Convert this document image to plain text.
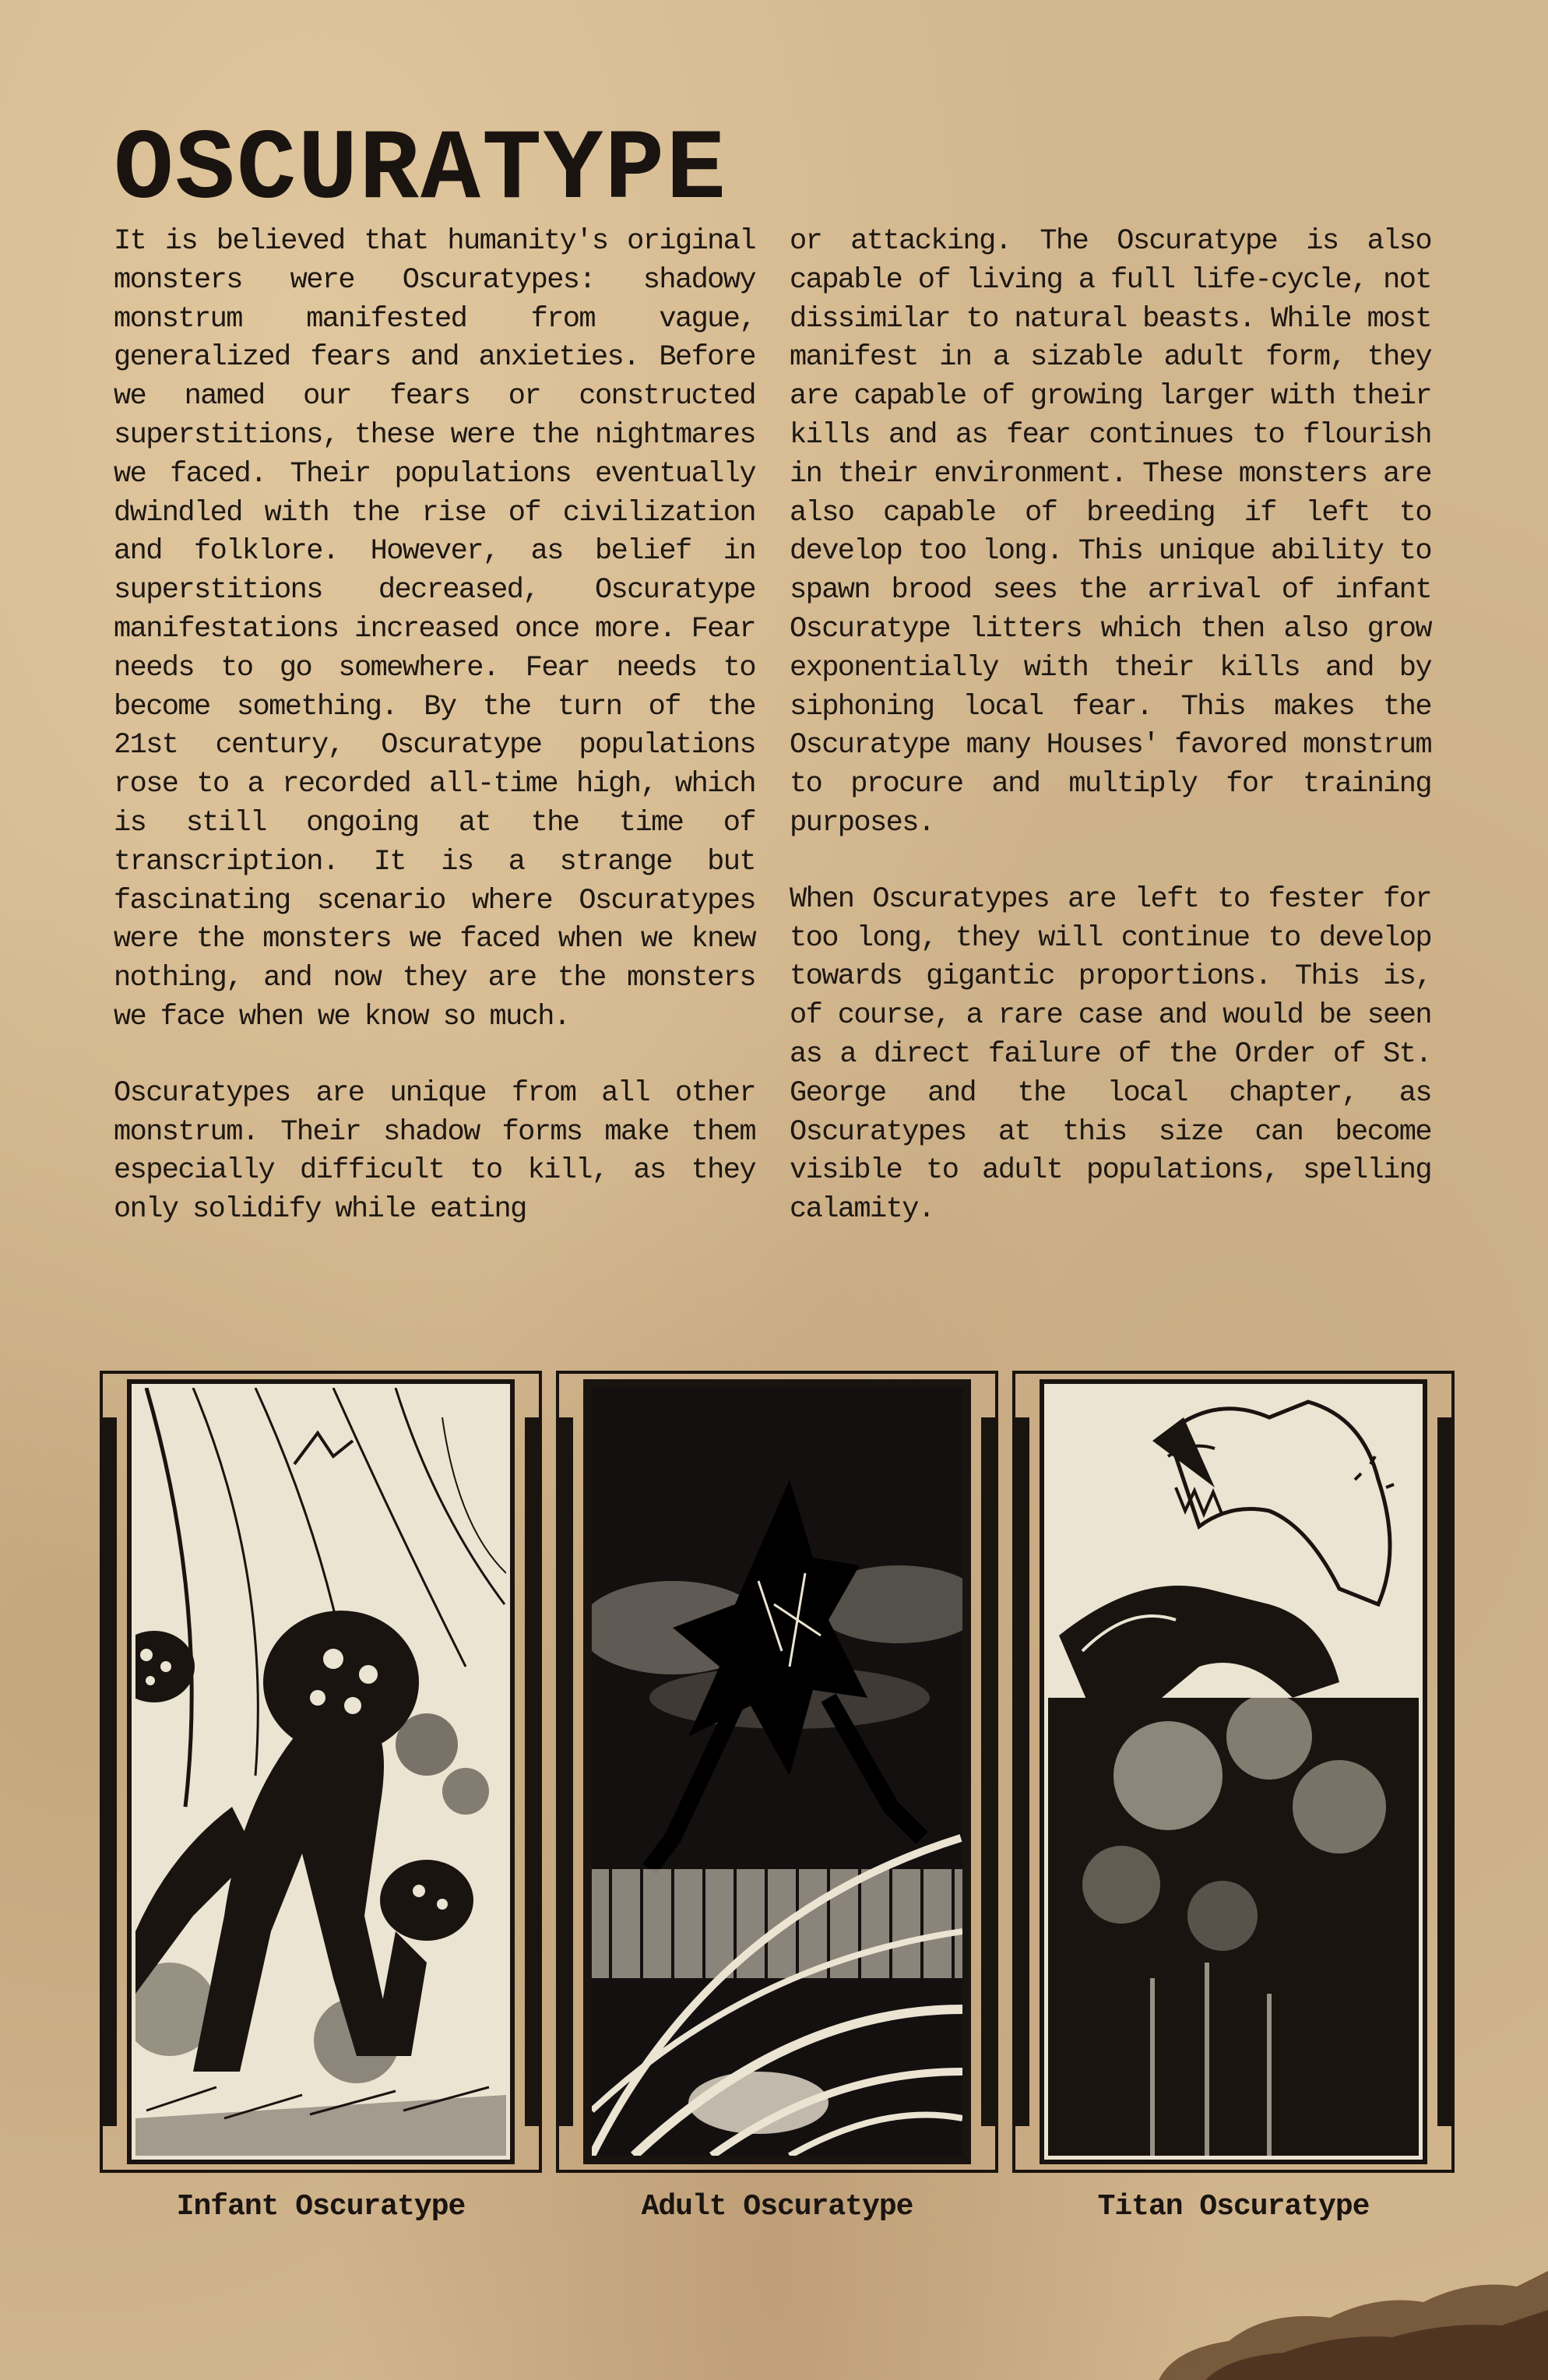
OSCURATYPE

It is believed that humanity's original monsters were Oscuratypes: shadowy monstrum manifested from vague, generalized fears and anxieties. Before we named our fears or constructed superstitions, these were the nightmares we faced. Their populations eventually dwindled with the rise of civilization and folklore. However, as belief in superstitions decreased, Oscuratype manifestations increased once more. Fear needs to go somewhere. Fear needs to become something. By the turn of the 21st century, Oscuratype populations rose to a recorded all-time high, which is still ongoing at the time of transcription. It is a strange but fascinating scenario where Oscuratypes were the monsters we faced when we knew nothing, and now they are the monsters we face when we know so much.

Oscuratypes are unique from all other monstrum. Their shadow forms make them especially difficult to kill, as they only solidify while eating

or attacking. The Oscuratype is also capable of living a full life-cycle, not dissimilar to natural beasts. While most manifest in a sizable adult form, they are capable of growing larger with their kills and as fear continues to flourish in their environment. These monsters are also capable of breeding if left to develop too long. This unique ability to spawn brood sees the arrival of infant Oscuratype litters which then also grow exponentially with their kills and by siphoning local fear. This makes the Oscuratype many Houses' favored monstrum to procure and multiply for training purposes.

When Oscuratypes are left to fester for too long, they will continue to develop towards gigantic proportions. This is, of course, a rare case and would be seen as a direct failure of the Order of St. George and the local chapter, as Oscuratypes at this size can become visible to adult populations, spelling calamity.

Infant Oscuratype	Adult Oscuratype	Titan Oscuratype
